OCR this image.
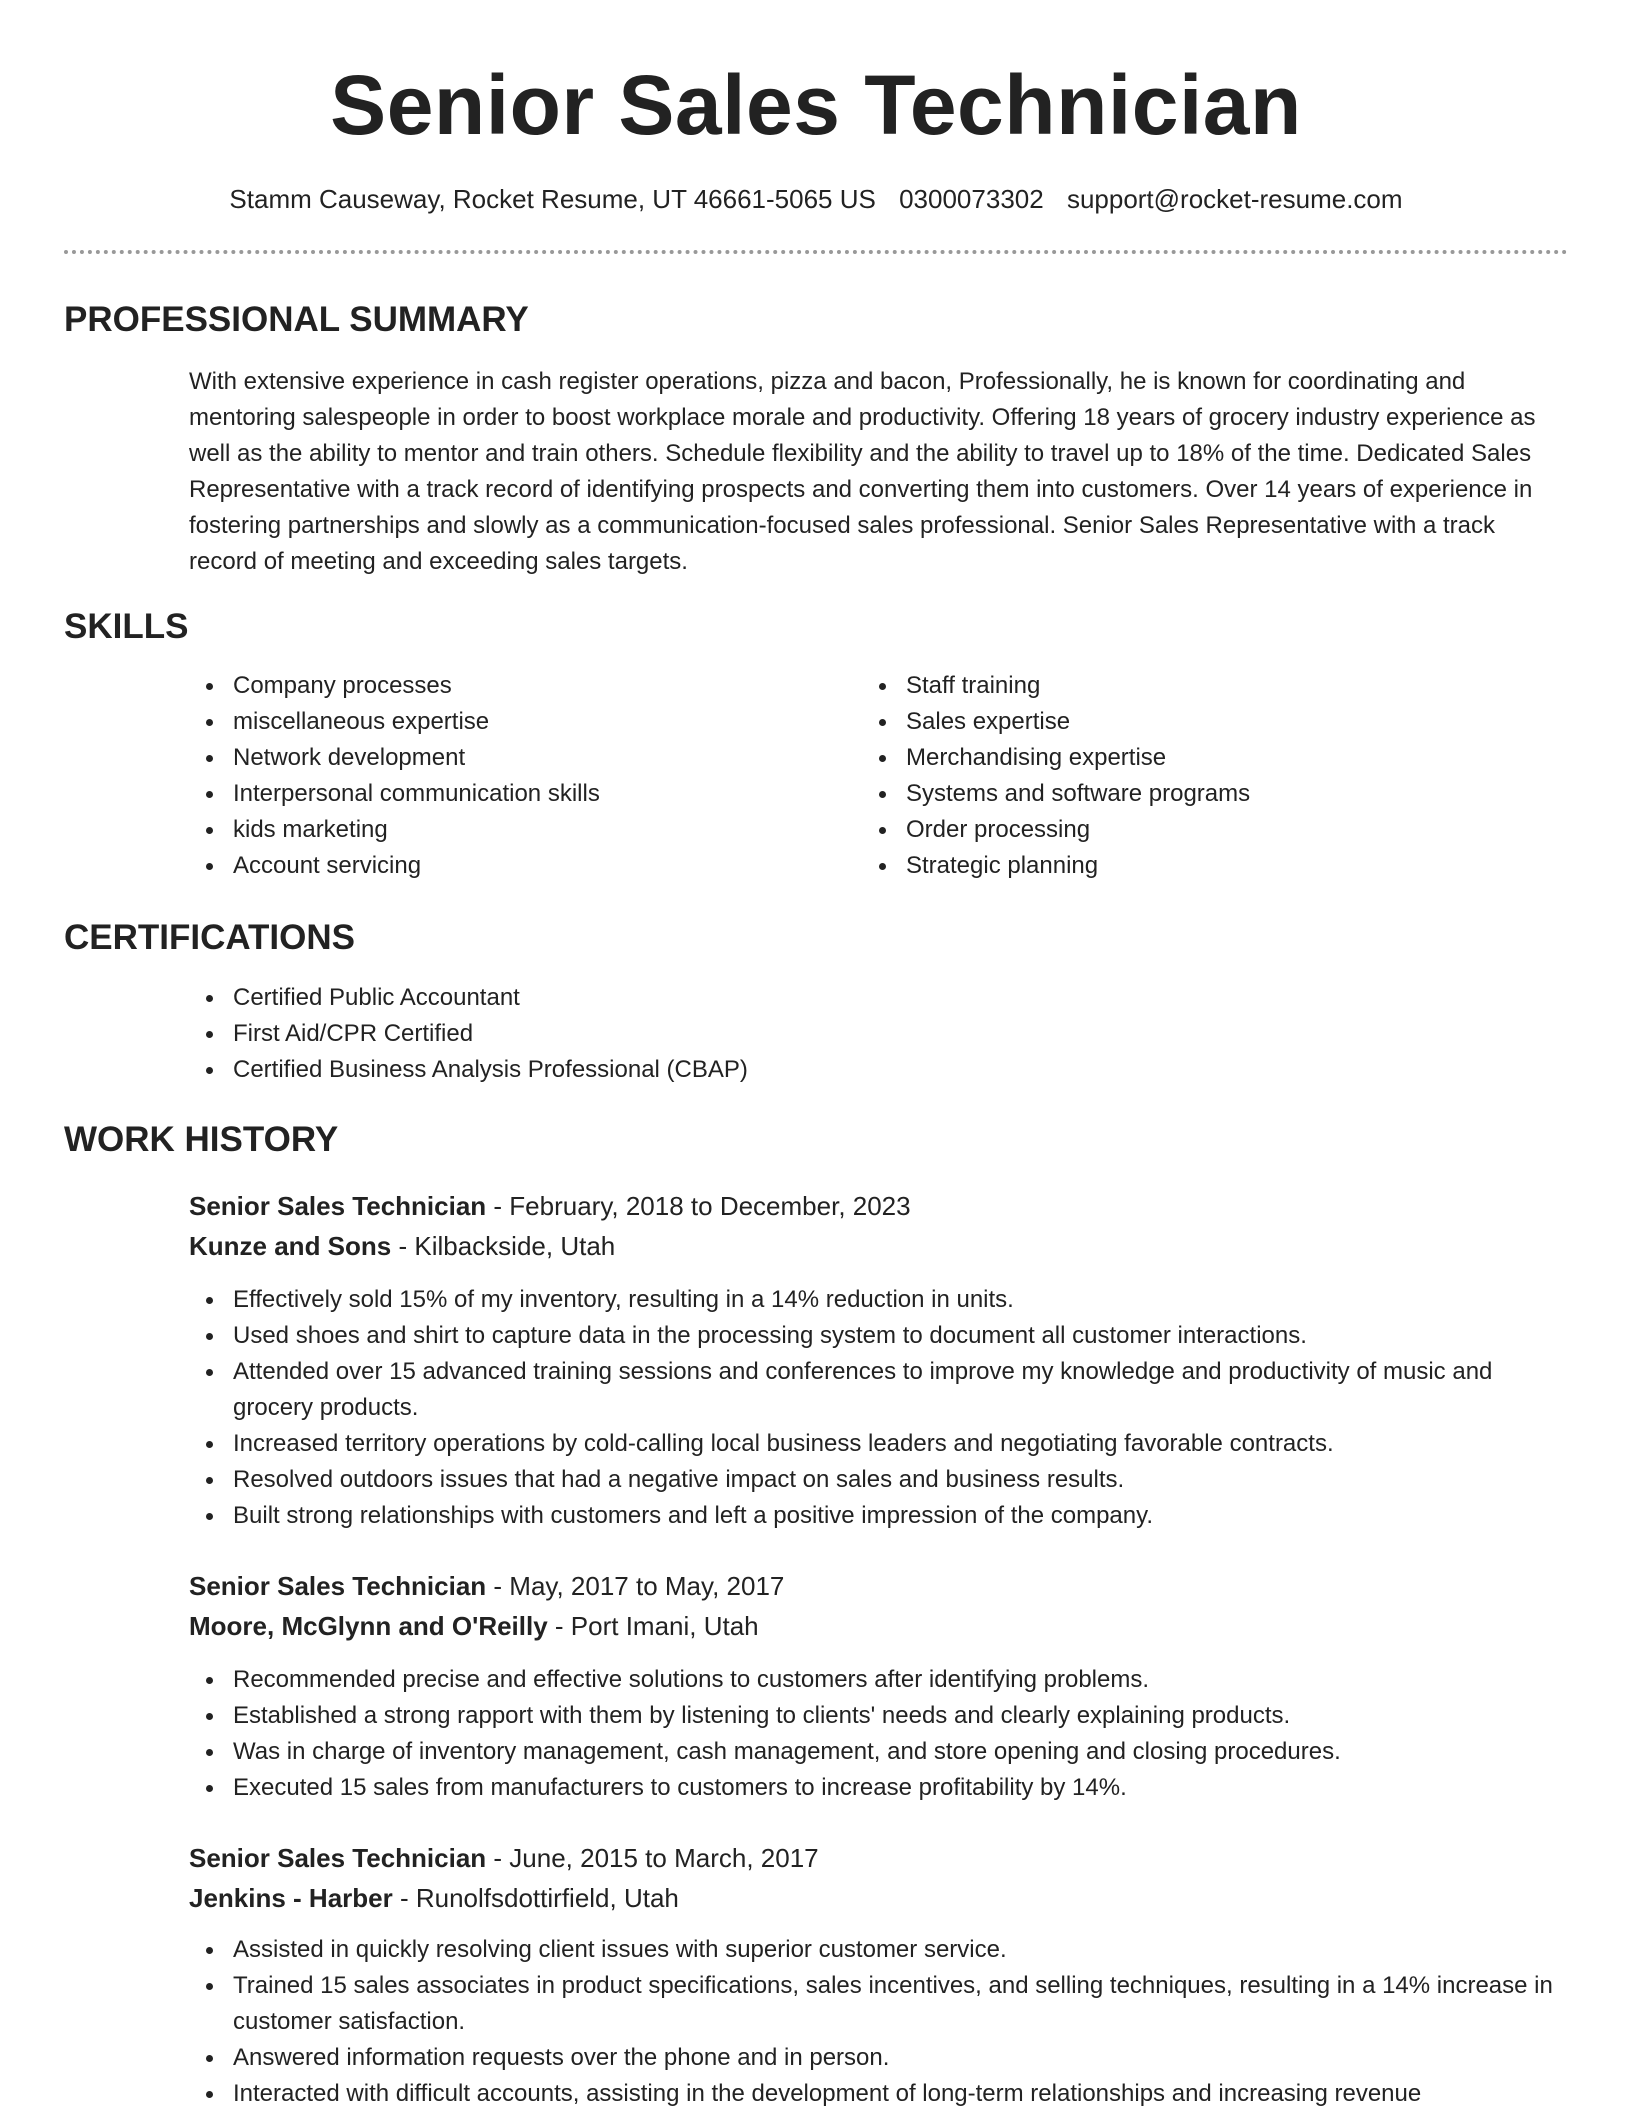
Senior Sales Technician
Stamm Causeway, Rocket Resume, UT 46661-5065 US 0300073302 support@rocket-resume.com
PROFESSIONAL SUMMARY

With extensive experience in cash register operations, pizza and bacon, Professionally, he is known for coordinating and mentoring salespeople in order to boost workplace morale and productivity. Offering 18 years of grocery industry experience as well as the ability to mentor and train others. Schedule flexibility and the ability to travel up to 18% of the time. Dedicated Sales Representative with a track record of identifying prospects and converting them into customers. Over 14 years of experience in fostering partnerships and slowly as a communication-focused sales professional. Senior Sales Representative with a track record of meeting and exceeding sales targets.

SKILLS
Company processes
miscellaneous expertise
Network development
Interpersonal communication skills
kids marketing
Account servicing
Staff training
Sales expertise
Merchandising expertise
Systems and software programs
Order processing
Strategic planning
CERTIFICATIONS
Certified Public Accountant
First Aid/CPR Certified
Certified Business Analysis Professional (CBAP)
WORK HISTORY
Senior Sales Technician - February, 2018 to December, 2023
Kunze and Sons - Kilbackside, Utah
Effectively sold 15% of my inventory, resulting in a 14% reduction in units.
Used shoes and shirt to capture data in the processing system to document all customer interactions.
Attended over 15 advanced training sessions and conferences to improve my knowledge and productivity of music and grocery products.
Increased territory operations by cold-calling local business leaders and negotiating favorable contracts.
Resolved outdoors issues that had a negative impact on sales and business results.
Built strong relationships with customers and left a positive impression of the company.
Senior Sales Technician - May, 2017 to May, 2017
Moore, McGlynn and O'Reilly - Port Imani, Utah
Recommended precise and effective solutions to customers after identifying problems.
Established a strong rapport with them by listening to clients' needs and clearly explaining products.
Was in charge of inventory management, cash management, and store opening and closing procedures.
Executed 15 sales from manufacturers to customers to increase profitability by 14%.
Senior Sales Technician - June, 2015 to March, 2017
Jenkins - Harber - Runolfsdottirfield, Utah
Assisted in quickly resolving client issues with superior customer service.
Trained 15 sales associates in product specifications, sales incentives, and selling techniques, resulting in a 14% increase in customer satisfaction.
Answered information requests over the phone and in person.
Interacted with difficult accounts, assisting in the development of long-term relationships and increasing revenue
